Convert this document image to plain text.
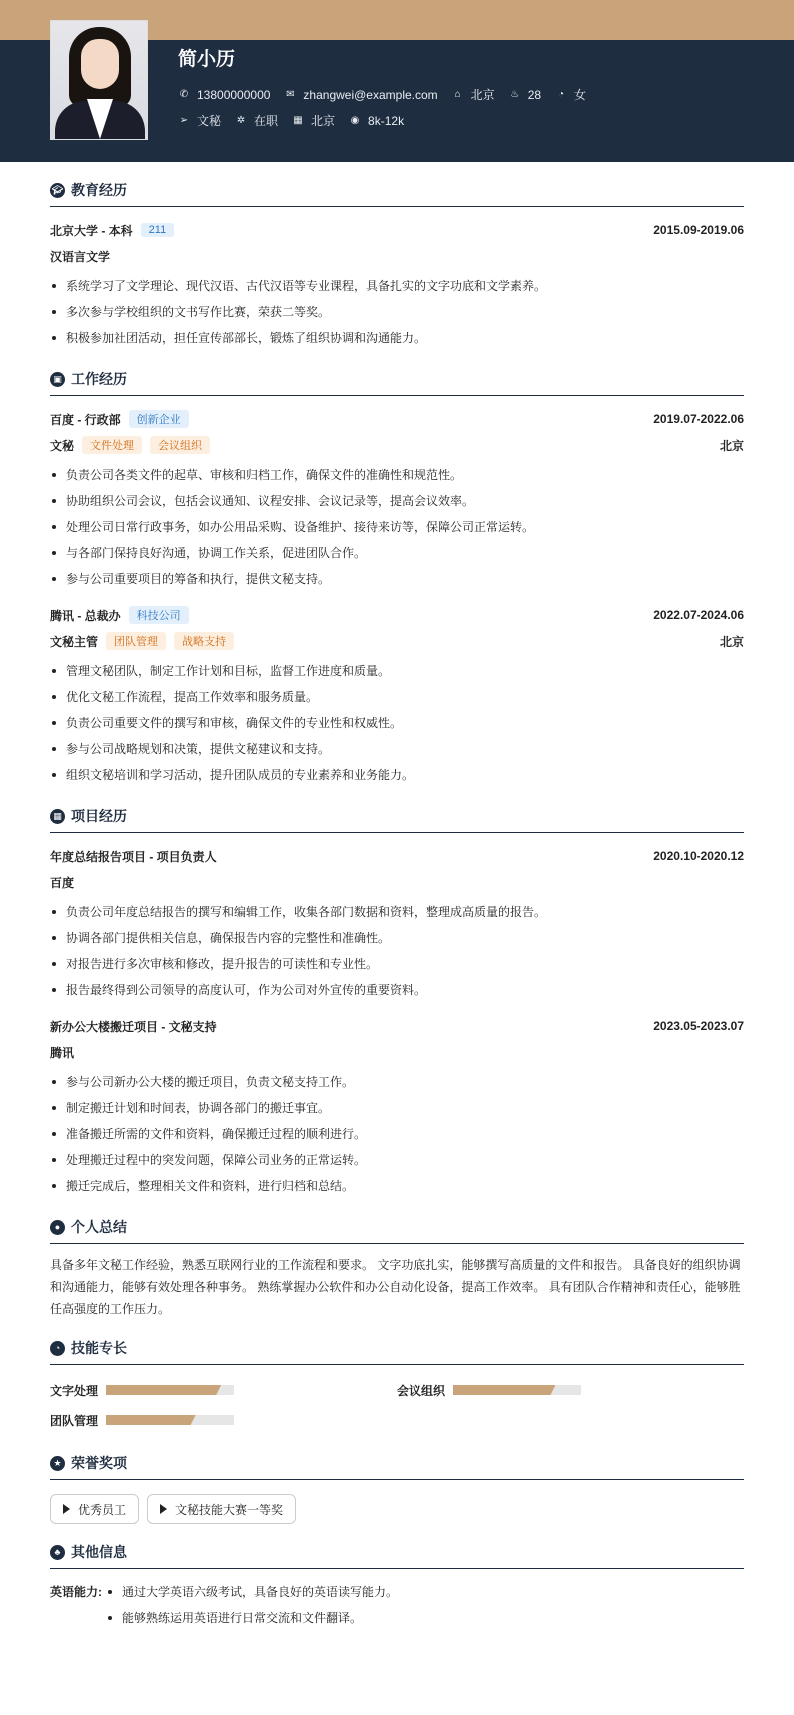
简小历
✆ 13800000000 ✉ zhangwei@example.com ⌂ 北京 ♨ 28 ◔ 女
➢ 文秘 ✲ 在职 ▦ 北京 ◉ 8k-12k
🎓︎ 教育经历
北京大学 - 本科	211	2015.09-2019.06
汉语言文学
系统学习了文学理论、现代汉语、古代汉语等专业课程，具备扎实的文字功底和文学素养。
多次参与学校组织的文书写作比赛，荣获二等奖。
积极参加社团活动，担任宣传部部长，锻炼了组织协调和沟通能力。
▣ 工作经历
百度 - 行政部	创新企业	2019.07-2022.06
文秘	文件处理	会议组织	北京
负责公司各类文件的起草、审核和归档工作，确保文件的准确性和规范性。
协助组织公司会议，包括会议通知、议程安排、会议记录等，提高会议效率。
处理公司日常行政事务，如办公用品采购、设备维护、接待来访等，保障公司正常运转。
与各部门保持良好沟通，协调工作关系，促进团队合作。
参与公司重要项目的筹备和执行，提供文秘支持。
腾讯 - 总裁办	科技公司	2022.07-2024.06
文秘主管	团队管理	战略支持	北京
管理文秘团队，制定工作计划和目标，监督工作进度和质量。
优化文秘工作流程，提高工作效率和服务质量。
负责公司重要文件的撰写和审核，确保文件的专业性和权威性。
参与公司战略规划和决策，提供文秘建议和支持。
组织文秘培训和学习活动，提升团队成员的专业素养和业务能力。
▦ 项目经历
年度总结报告项目 - 项目负责人	2020.10-2020.12
百度
负责公司年度总结报告的撰写和编辑工作，收集各部门数据和资料，整理成高质量的报告。
协调各部门提供相关信息，确保报告内容的完整性和准确性。
对报告进行多次审核和修改，提升报告的可读性和专业性。
报告最终得到公司领导的高度认可，作为公司对外宣传的重要资料。
新办公大楼搬迁项目 - 文秘支持	2023.05-2023.07
腾讯
参与公司新办公大楼的搬迁项目，负责文秘支持工作。
制定搬迁计划和时间表，协调各部门的搬迁事宜。
准备搬迁所需的文件和资料，确保搬迁过程的顺利进行。
处理搬迁过程中的突发问题，保障公司业务的正常运转。
搬迁完成后，整理相关文件和资料，进行归档和总结。
● 个人总结
具备多年文秘工作经验，熟悉互联网行业的工作流程和要求。 文字功底扎实，能够撰写高质量的文件和报告。 具备良好的组织协调和沟通能力，能够有效处理各种事务。 熟练掌握办公软件和办公自动化设备，提高工作效率。 具有团队合作精神和责任心，能够胜任高强度的工作压力。
◔ 技能专长
文字处理	会议组织
团队管理
★ 荣誉奖项
优秀员工	文秘技能大赛一等奖
♣ 其他信息
英语能力:	通过大学英语六级考试，具备良好的英语读写能力。
能够熟练运用英语进行日常交流和文件翻译。
